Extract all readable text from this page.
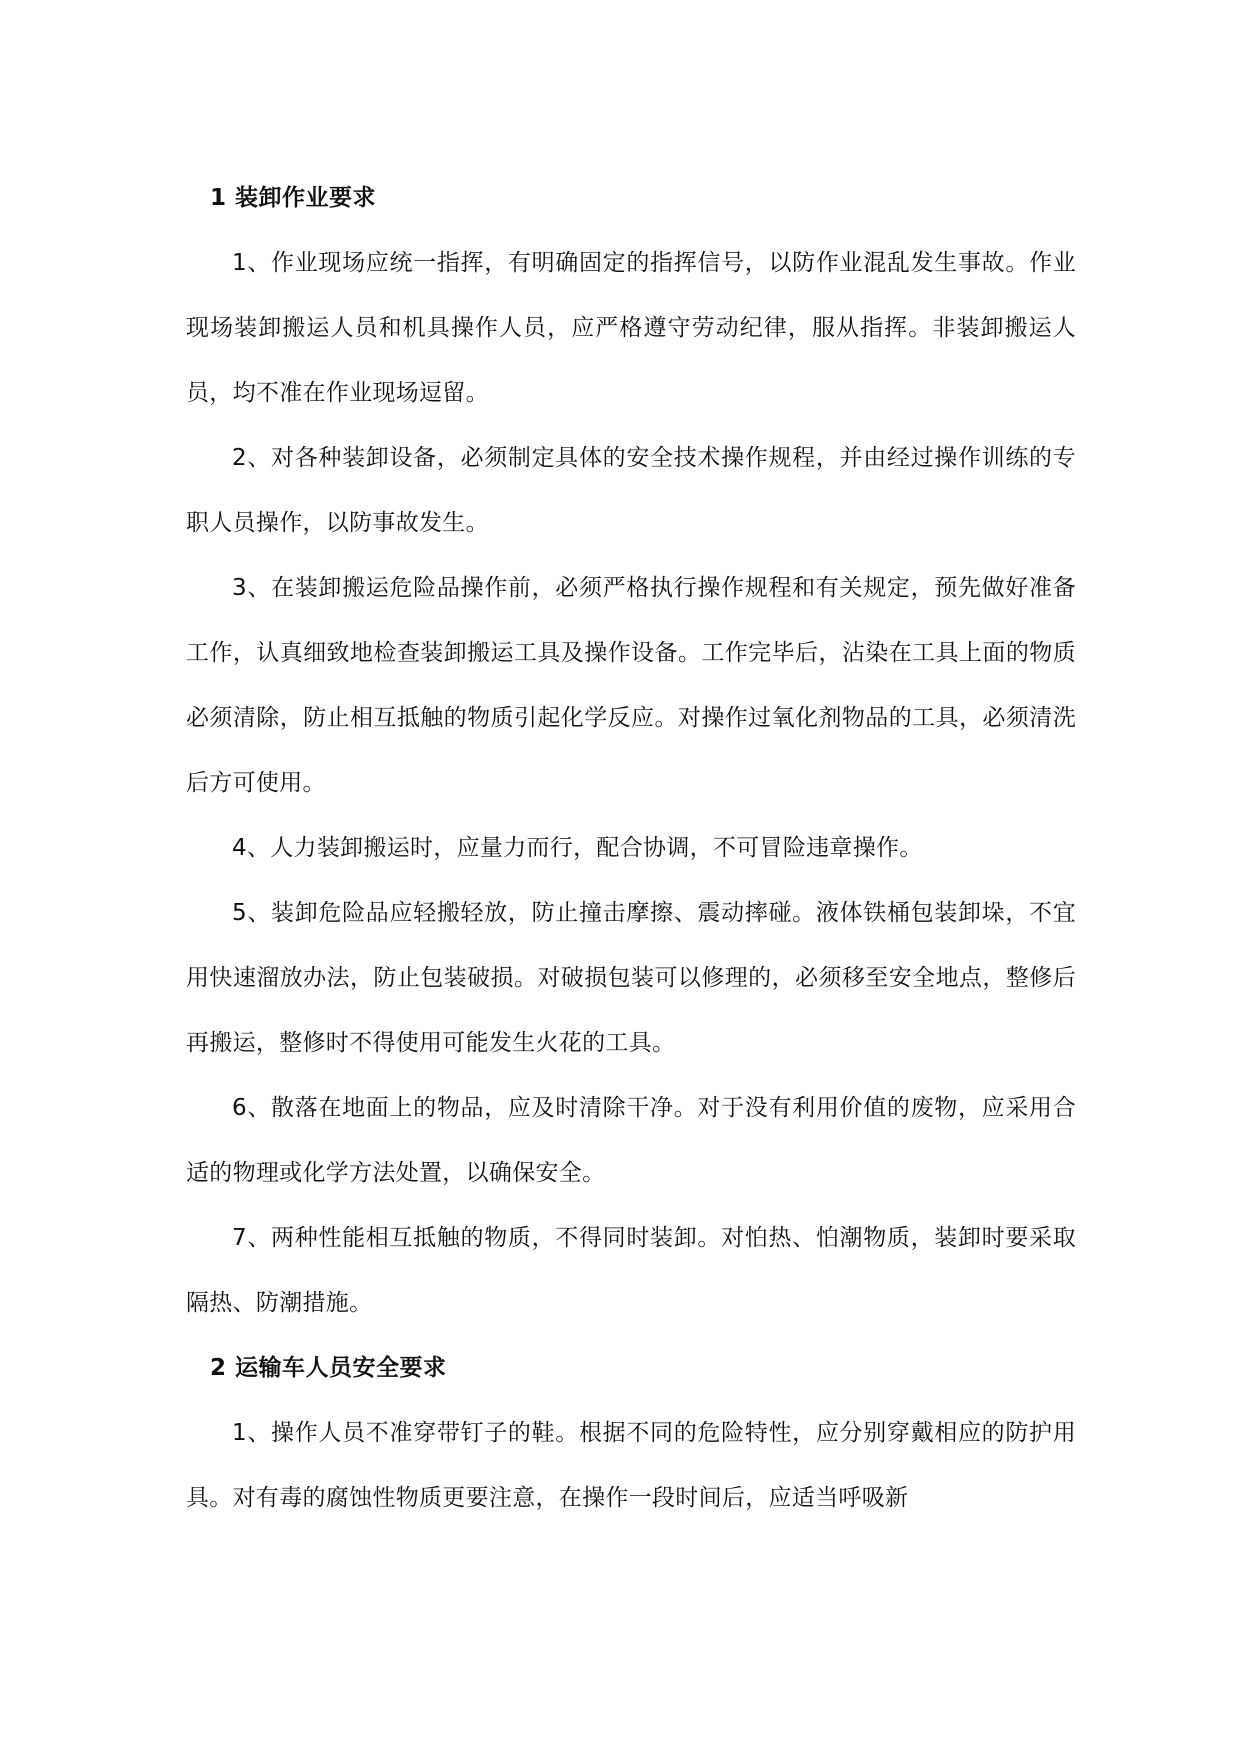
1 装卸作业要求

1、作业现场应统一指挥，有明确固定的指挥信号，以防作业混乱发生事故。作业现场装卸搬运人员和机具操作人员，应严格遵守劳动纪律，服从指挥。非装卸搬运人员，均不准在作业现场逗留。

2、对各种装卸设备，必须制定具体的安全技术操作规程，并由经过操作训练的专职人员操作，以防事故发生。

3、在装卸搬运危险品操作前，必须严格执行操作规程和有关规定，预先做好准备工作，认真细致地检查装卸搬运工具及操作设备。工作完毕后，沾染在工具上面的物质必须清除，防止相互抵触的物质引起化学反应。对操作过氧化剂物品的工具，必须清洗后方可使用。

4、人力装卸搬运时，应量力而行，配合协调，不可冒险违章操作。

5、装卸危险品应轻搬轻放，防止撞击摩擦、震动摔碰。液体铁桶包装卸垛，不宜用快速溜放办法，防止包装破损。对破损包装可以修理的，必须移至安全地点，整修后再搬运，整修时不得使用可能发生火花的工具。

6、散落在地面上的物品，应及时清除干净。对于没有利用价值的废物，应采用合适的物理或化学方法处置，以确保安全。

7、两种性能相互抵触的物质，不得同时装卸。对怕热、怕潮物质，装卸时要采取隔热、防潮措施。

2 运输车人员安全要求

1、操作人员不准穿带钉子的鞋。根据不同的危险特性，应分别穿戴相应的防护用具。对有毒的腐蚀性物质更要注意，在操作一段时间后，应适当呼吸新
